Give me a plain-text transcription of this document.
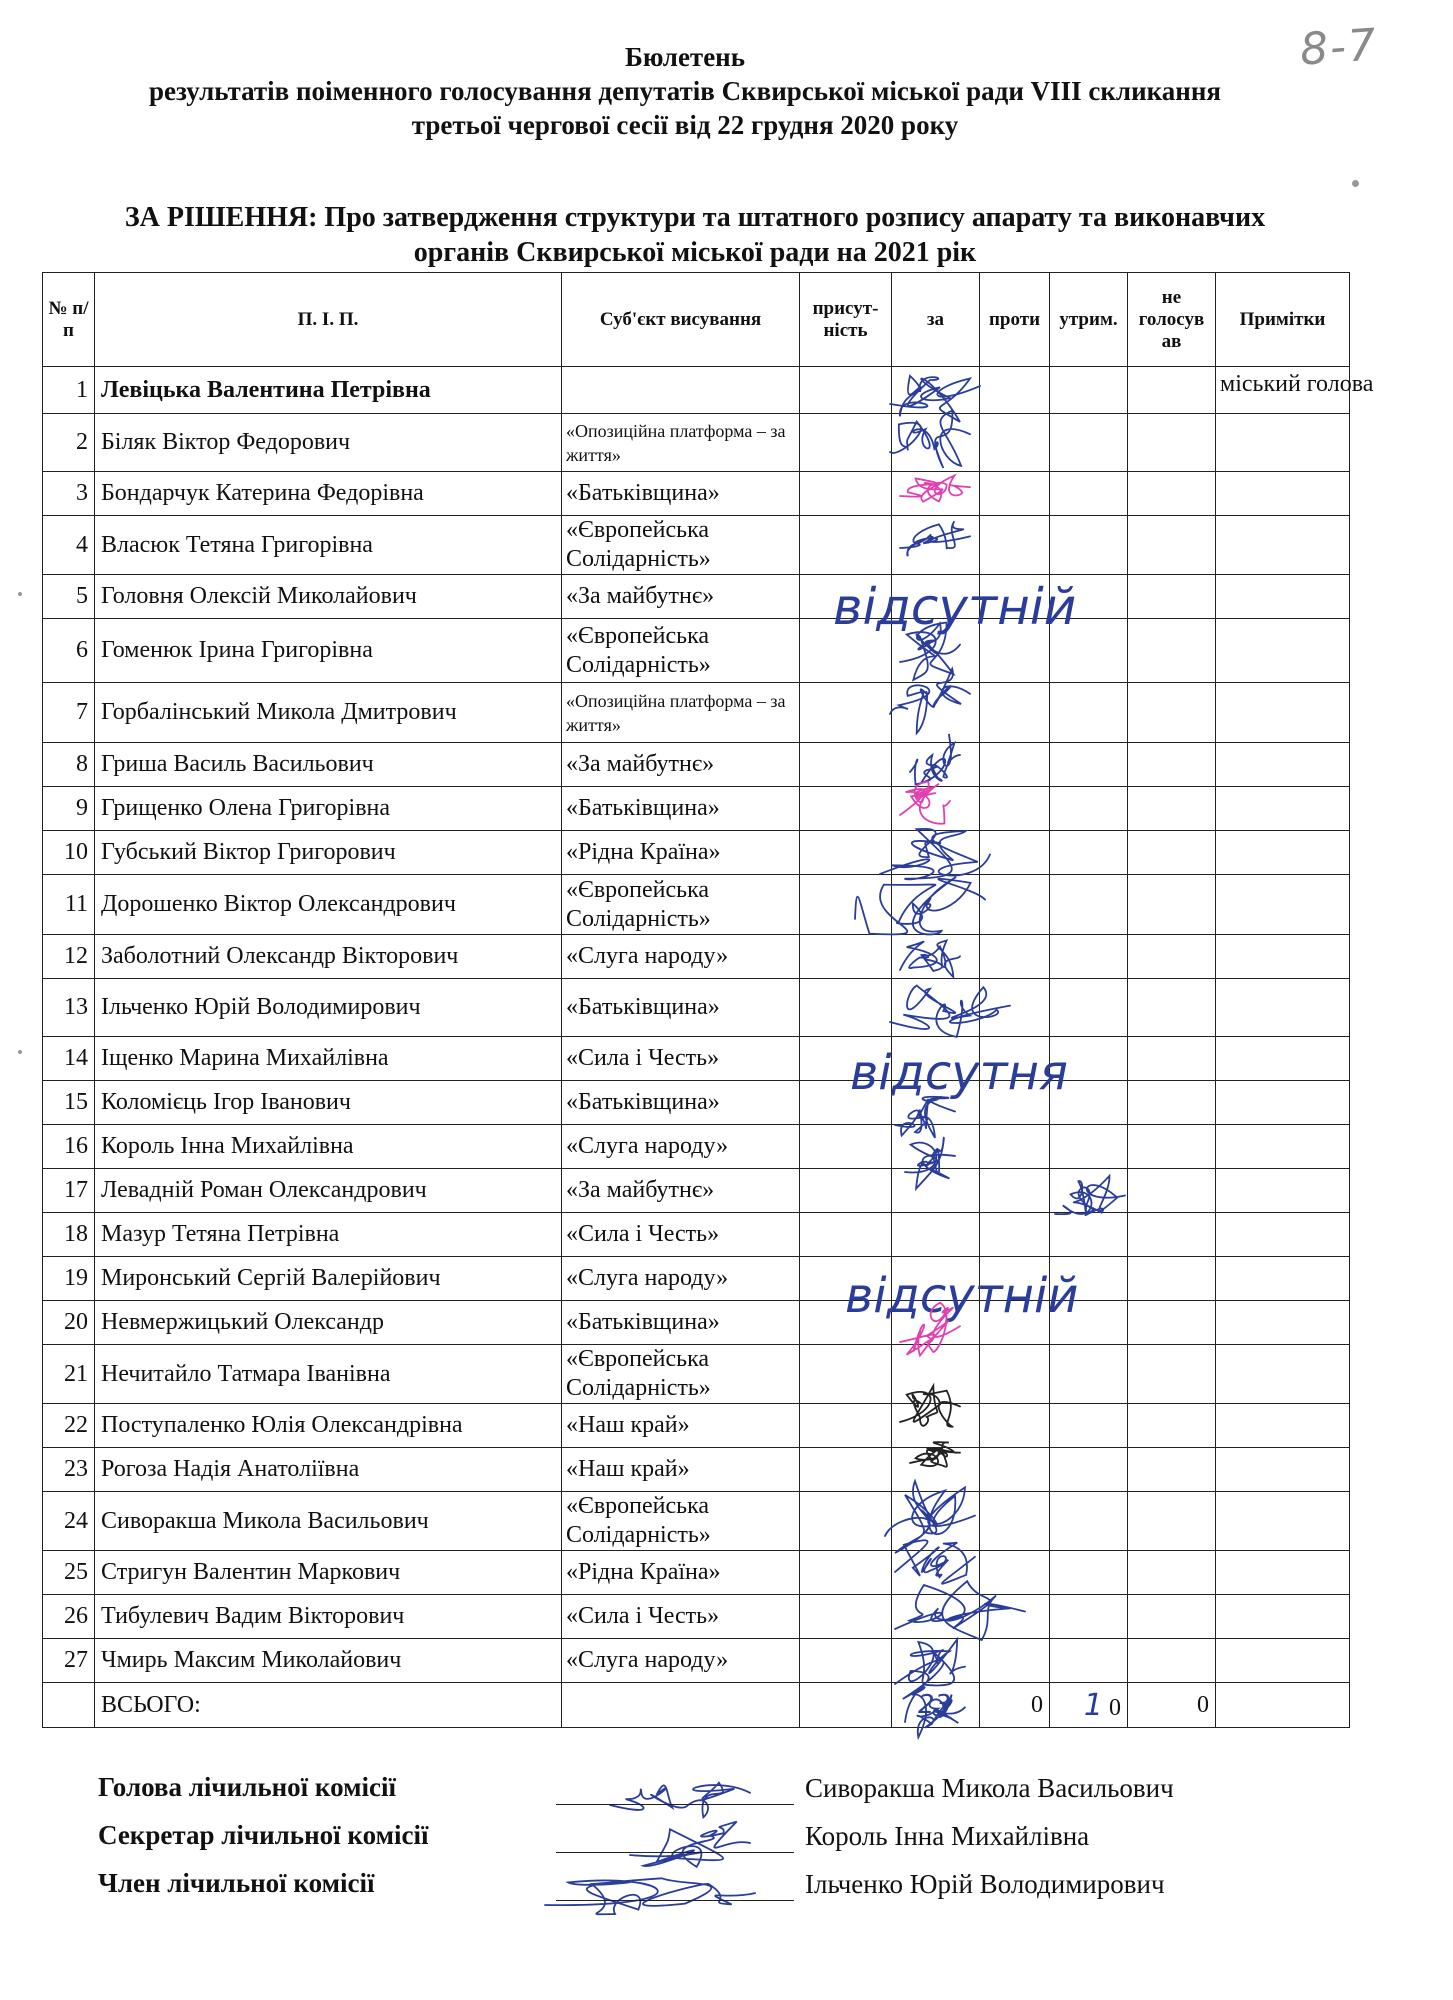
8-7
Бюлетень
результатів поіменного голосування депутатів Сквирської міської ради VIII скликання
третьої чергової сесії від 22 грудня 2020 року
ЗА РІШЕННЯ: Про затвердження структури та штатного розпису апарату та виконавчих
органів Сквирської міської ради на 2021 рік
№ п/п	П. І. П.	Суб'єкт висування	присут-ність	за	проти	утрим.	не голосув ав	Примітки
1	Левіцька Валентина Петрівна							міський голова
2	Біляк Віктор Федорович	«Опозиційна платформа – за життя»						
3	Бондарчук Катерина Федорівна	«Батьківщина»						
4	Власюк Тетяна Григорівна	«Європейська Солідарність»						
5	Головня Олексій Миколайович	«За майбутнє»						
6	Гоменюк Ірина Григорівна	«Європейська Солідарність»						
7	Горбалінський Микола Дмитрович	«Опозиційна платформа – за життя»						
8	Гриша Василь Васильович	«За майбутнє»						
9	Грищенко Олена Григорівна	«Батьківщина»						
10	Губський Віктор Григорович	«Рідна Країна»						
11	Дорошенко Віктор Олександрович	«Європейська Солідарність»						
12	Заболотний Олександр Вікторович	«Слуга народу»						
13	Ільченко Юрій Володимирович	«Батьківщина»						
14	Іщенко Марина Михайлівна	«Сила і Честь»						
15	Коломієць Ігор Іванович	«Батьківщина»						
16	Король Інна Михайлівна	«Слуга народу»						
17	Левадній Роман Олександрович	«За майбутнє»						
18	Мазур Тетяна Петрівна	«Сила і Честь»						
19	Миронський Сергій Валерійович	«Слуга народу»						
20	Невмержицький Олександр	«Батьківщина»						
21	Нечитайло Татмара Іванівна	«Європейська Солідарність»						
22	Поступаленко Юлія Олександрівна	«Наш край»						
23	Рогоза Надія Анатоліївна	«Наш край»						
24	Сиворакша Микола Васильович	«Європейська Солідарність»						
25	Стригун Валентин Маркович	«Рідна Країна»						
26	Тибулевич Вадим Вікторович	«Сила і Честь»						
27	Чмирь Максим Миколайович	«Слуга народу»						
	ВСЬОГО:			23	0	1 0	0	
відсутній
відсутня
відсутній
Голова лічильної комісії
Секретар лічильної комісії
Член лічильної комісії
Сиворакша Микола Васильович
Король Інна Михайлівна
Ільченко Юрій Володимирович
